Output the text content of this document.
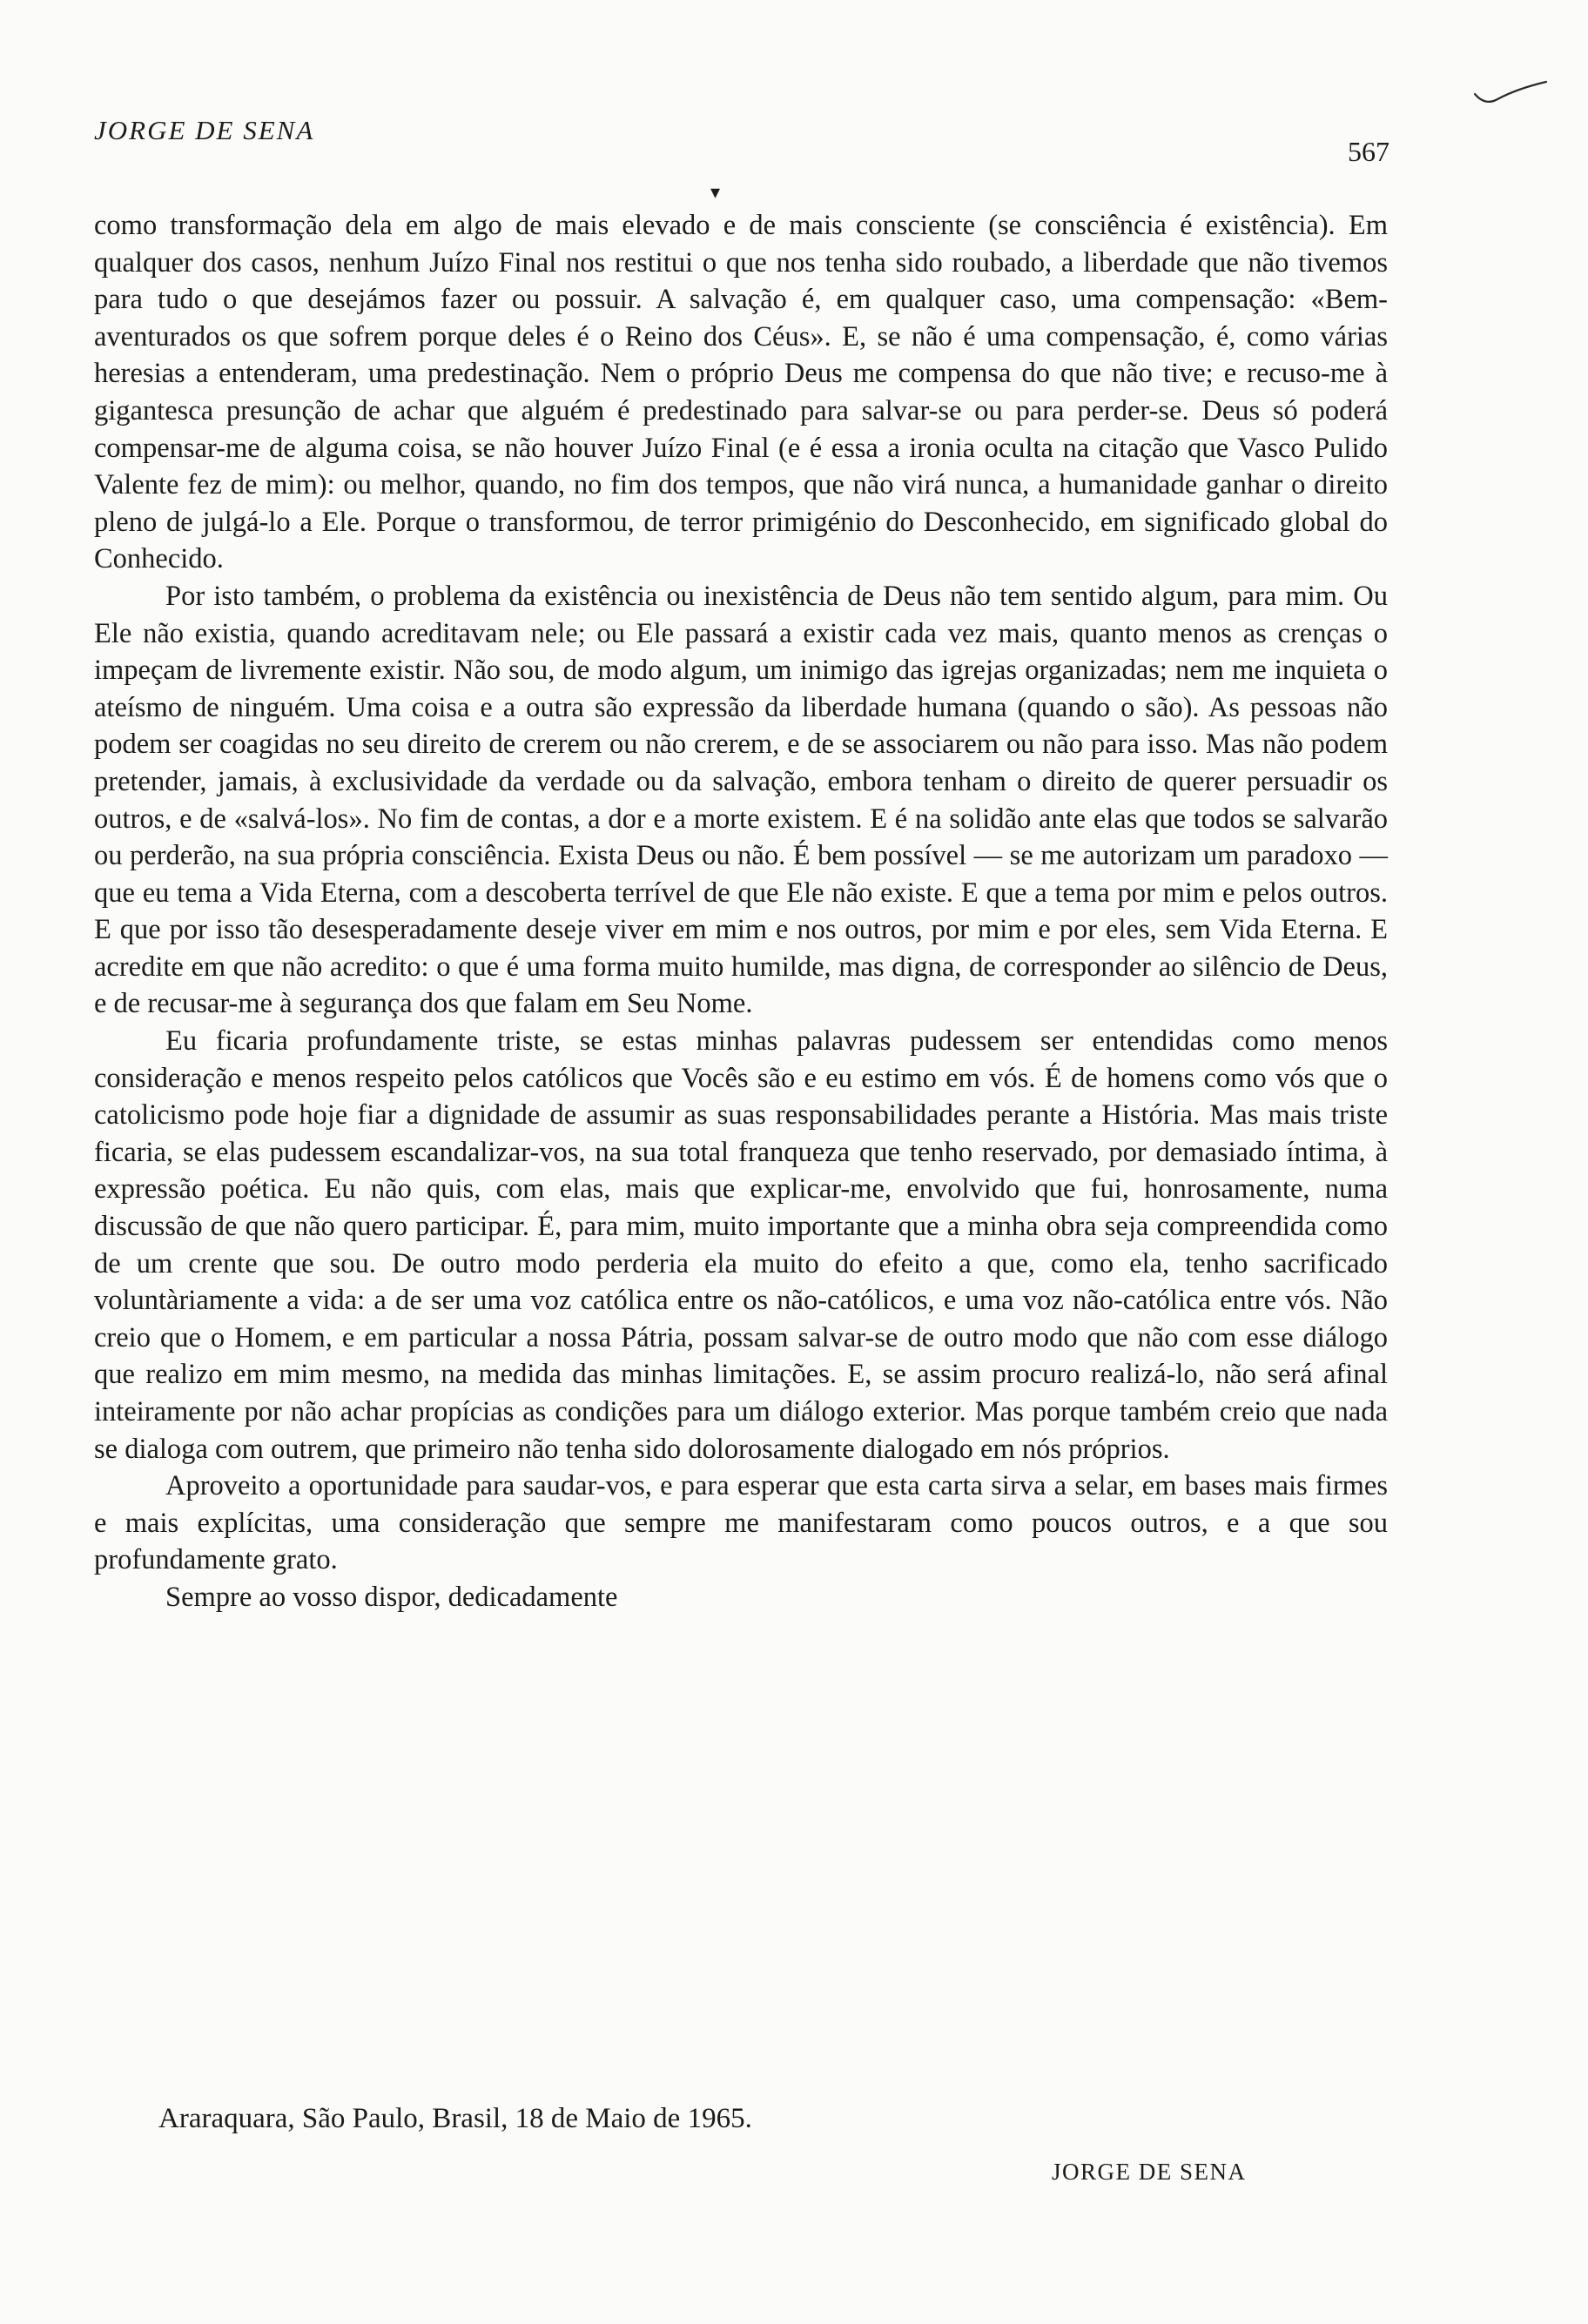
JORGE DE SENA
567
▾

como transformação dela em algo de mais elevado e de mais consciente (se consciência é existência). Em qualquer dos casos, nenhum Juízo Final nos restitui o que nos tenha sido roubado, a liberdade que não tivemos para tudo o que desejámos fazer ou possuir. A salvação é, em qualquer caso, uma compensação: «Bem-aventurados os que sofrem porque deles é o Reino dos Céus». E, se não é uma compensação, é, como várias heresias a entenderam, uma predestinação. Nem o próprio Deus me compensa do que não tive; e recuso-me à gigantesca presunção de achar que alguém é predestinado para salvar-se ou para perder-se. Deus só poderá compensar-me de alguma coisa, se não houver Juízo Final (e é essa a ironia oculta na citação que Vasco Pulido Valente fez de mim): ou melhor, quando, no fim dos tempos, que não virá nunca, a humanidade ganhar o direito pleno de julgá-lo a Ele. Porque o transformou, de terror primigénio do Desconhecido, em significado global do Conhecido.

Por isto também, o problema da existência ou inexistência de Deus não tem sentido algum, para mim. Ou Ele não existia, quando acreditavam nele; ou Ele passará a existir cada vez mais, quanto menos as crenças o impeçam de livremente existir. Não sou, de modo algum, um inimigo das igrejas organizadas; nem me inquieta o ateísmo de ninguém. Uma coisa e a outra são expressão da liberdade humana (quando o são). As pessoas não podem ser coagidas no seu direito de crerem ou não crerem, e de se associarem ou não para isso. Mas não podem pretender, jamais, à exclusividade da verdade ou da salvação, embora tenham o direito de querer persuadir os outros, e de «salvá-los». No fim de contas, a dor e a morte existem. E é na solidão ante elas que todos se salvarão ou perderão, na sua própria consciência. Exista Deus ou não. É bem possível — se me autorizam um paradoxo — que eu tema a Vida Eterna, com a descoberta terrível de que Ele não existe. E que a tema por mim e pelos outros. E que por isso tão desesperadamente deseje viver em mim e nos outros, por mim e por eles, sem Vida Eterna. E acredite em que não acredito: o que é uma forma muito humilde, mas digna, de corresponder ao silêncio de Deus, e de recusar-me à segurança dos que falam em Seu Nome.

Eu ficaria profundamente triste, se estas minhas palavras pudessem ser entendidas como menos consideração e menos respeito pelos católicos que Vocês são e eu estimo em vós. É de homens como vós que o catolicismo pode hoje fiar a dignidade de assumir as suas responsabilidades perante a História. Mas mais triste ficaria, se elas pudessem escandalizar-vos, na sua total franqueza que tenho reservado, por demasiado íntima, à expressão poética. Eu não quis, com elas, mais que explicar-me, envolvido que fui, honrosamente, numa discussão de que não quero participar. É, para mim, muito importante que a minha obra seja compreendida como de um crente que sou. De outro modo perderia ela muito do efeito a que, como ela, tenho sacrificado voluntàriamente a vida: a de ser uma voz católica entre os não-católicos, e uma voz não-católica entre vós. Não creio que o Homem, e em particular a nossa Pátria, possam salvar-se de outro modo que não com esse diálogo que realizo em mim mesmo, na medida das minhas limitações. E, se assim procuro realizá-lo, não será afinal inteiramente por não achar propícias as condições para um diálogo exterior. Mas porque também creio que nada se dialoga com outrem, que primeiro não tenha sido dolorosamente dialogado em nós próprios.

Aproveito a oportunidade para saudar-vos, e para esperar que esta carta sirva a selar, em bases mais firmes e mais explícitas, uma consideração que sempre me manifestaram como poucos outros, e a que sou profundamente grato.

Sempre ao vosso dispor, dedicadamente

Araraquara, São Paulo, Brasil, 18 de Maio de 1965.
JORGE DE SENA
